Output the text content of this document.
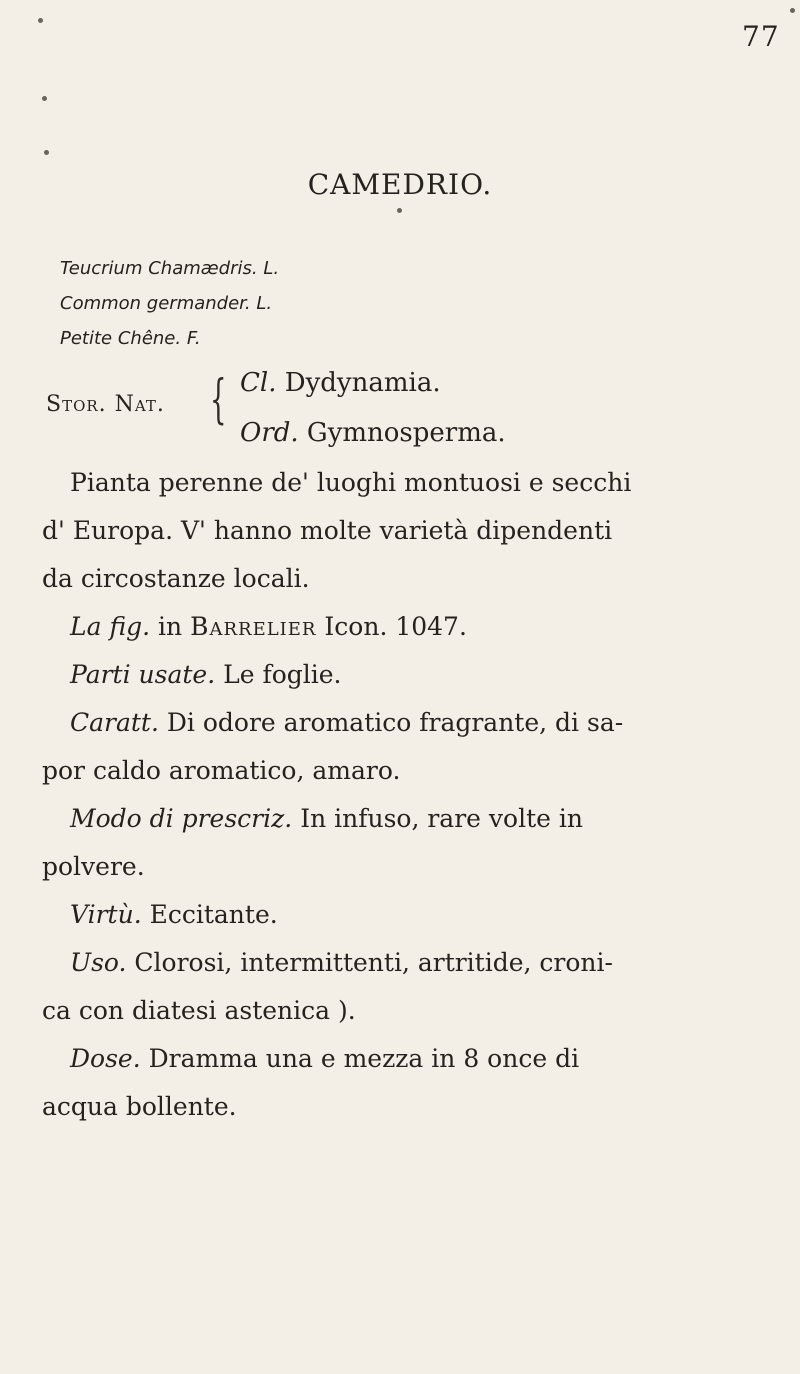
77
CAMEDRIO.
Teucrium Chamædris. L.
Common germander. L.
Petite Chêne. F.
Stor. Nat. { Cl. Dydynamia.
Ord. Gymnosperma.
Pianta perenne de' luoghi montuosi e secchi
d' Europa. V' hanno molte varietà dipendenti
da circostanze locali.
La fig. in Barrelier Icon. 1047.
Parti usate. Le foglie.
Caratt. Di odore aromatico fragrante, di sa-
por caldo aromatico, amaro.
Modo di prescriz. In infuso, rare volte in
polvere.
Virtù. Eccitante.
Uso. Clorosi, intermittenti, artritide, croni-
ca con diatesi astenica ).
Dose. Dramma una e mezza in 8 once di
acqua bollente.
